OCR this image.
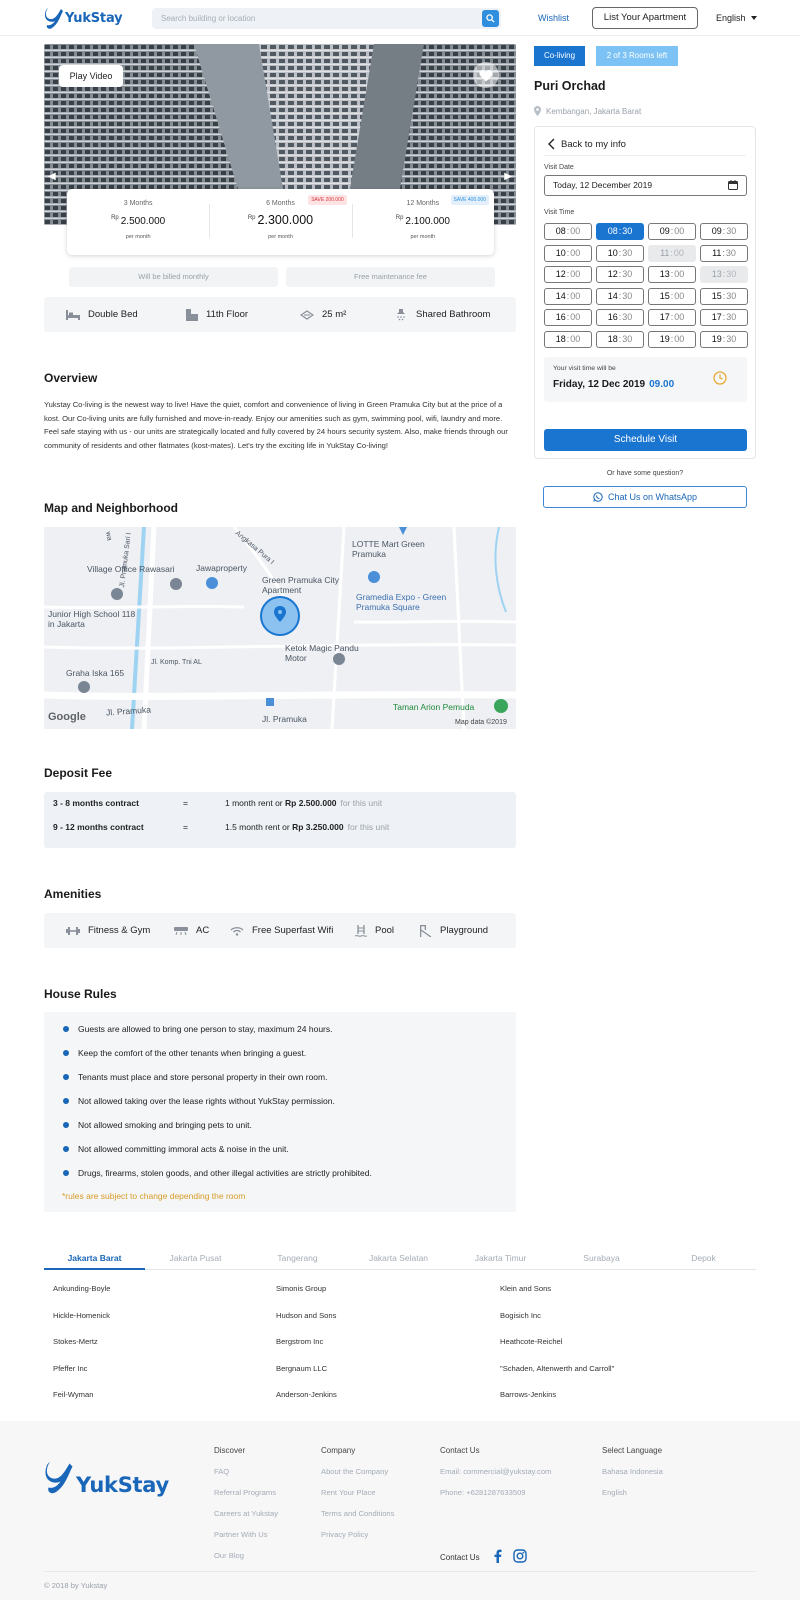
YukStay
Search building or location	Wishlist	List Your Apartment	English
◀	▶
Play Video
3 Months
$^{Rp}$ 2.500.000
per month
SAVE 200.000
6 Months
$^{Rp}$ 2.300.000
per month
SAVE 400.000
12 Months
$^{Rp}$ 2.100.000
per month
Will be billed monthly	Free maintenance fee
Double Bed	11th Floor	25 m²	Shared Bathroom
Overview
Yukstay Co-living is the newest way to live! Have the quiet, comfort and convenience of living in Green Pramuka City but at the price of a kost. Our Co-living units are fully furnished and move-in-ready. Enjoy our amenities such as gym, swimming pool, wifi, laundry and more. Feel safe staying with us - our units are strategically located and fully covered by 24 hours security system. Also, make friends through our community of residents and other flatmates (kost-mates). Let's try the exciting life in YukStay Co-living!
Map and Neighborhood
Village Office Rawasari	Jawaproperty
Green Pramuka City Apartment
LOTTE Mart Green Pramuka
Gramedia Expo - Green Pramuka Square
Junior High School 118 in Jakarta
Ketok Magic Pandu Motor
Graha Iska 165
Jl. Komp. Tni AL
Jl. Pramuka
Jl. Pramuka
Jl. Pramuka Sari I	Angkasa Pura I
wa
Taman Arion Pemuda
Google	Map data ©2019
Deposit Fee
3 - 8 months contract	=	1 month rent or Rp 2.500.000 for this unit
9 - 12 months contract	=	1.5 month rent or Rp 3.250.000 for this unit
Amenities
Fitness & Gym	AC	Free Superfast Wifi	Pool	Playground
House Rules
Guests are allowed to bring one person to stay, maximum 24 hours.
Keep the comfort of the other tenants when bringing a guest.
Tenants must place and store personal property in their own room.
Not allowed taking over the lease rights without YukStay permission.
Not allowed smoking and bringing pets to unit.
Not allowed committing immoral acts & noise in the unit.
Drugs, firearms, stolen goods, and other illegal activities are strictly prohibited.
*rules are subject to change depending the room
Co-living	2 of 3 Rooms left
Puri Orchad
Kembangan, Jakarta Barat
Back to my info
Visit Date
Today, 12 December 2019
Visit Time
08:00	08:30	09:00	09:30
10:00	10:30	11:00	11:30
12:00	12:30	13:00	13:30
14:00	14:30	15:00	15:30
16:00	16:30	17:00	17:30
18:00	18:30	19:00	19:30
Your visit time will be
Friday, 12 Dec 2019 09.00
Schedule Visit
Or have some question?
Chat Us on WhatsApp
Jakarta Barat	Jakarta Pusat	Tangerang	Jakarta Selatan	Jakarta Timur	Surabaya	Depok
Ankunding-Boyle	Simonis Group	Klein and Sons
Hickle-Homenick	Hudson and Sons	Bogisich Inc
Stokes-Mertz	Bergstrom Inc	Heathcote-Reichel
Pfeffer Inc	Bergnaum LLC	"Schaden, Altenwerth and Carroll"
Feil-Wyman	Anderson-Jenkins	Barrows-Jenkins
YukStay
Discover
FAQ
Referral Programs
Careers at Yukstay
Partner With Us
Our Blog
Company
About the Company
Rent Your Place
Terms and Conditions
Privacy Policy
Contact Us
Email: commercial@yukstay.com
Phone: +6281287633509
Contact Us
Select Language
Bahasa Indonesia
English
© 2018 by Yukstay
